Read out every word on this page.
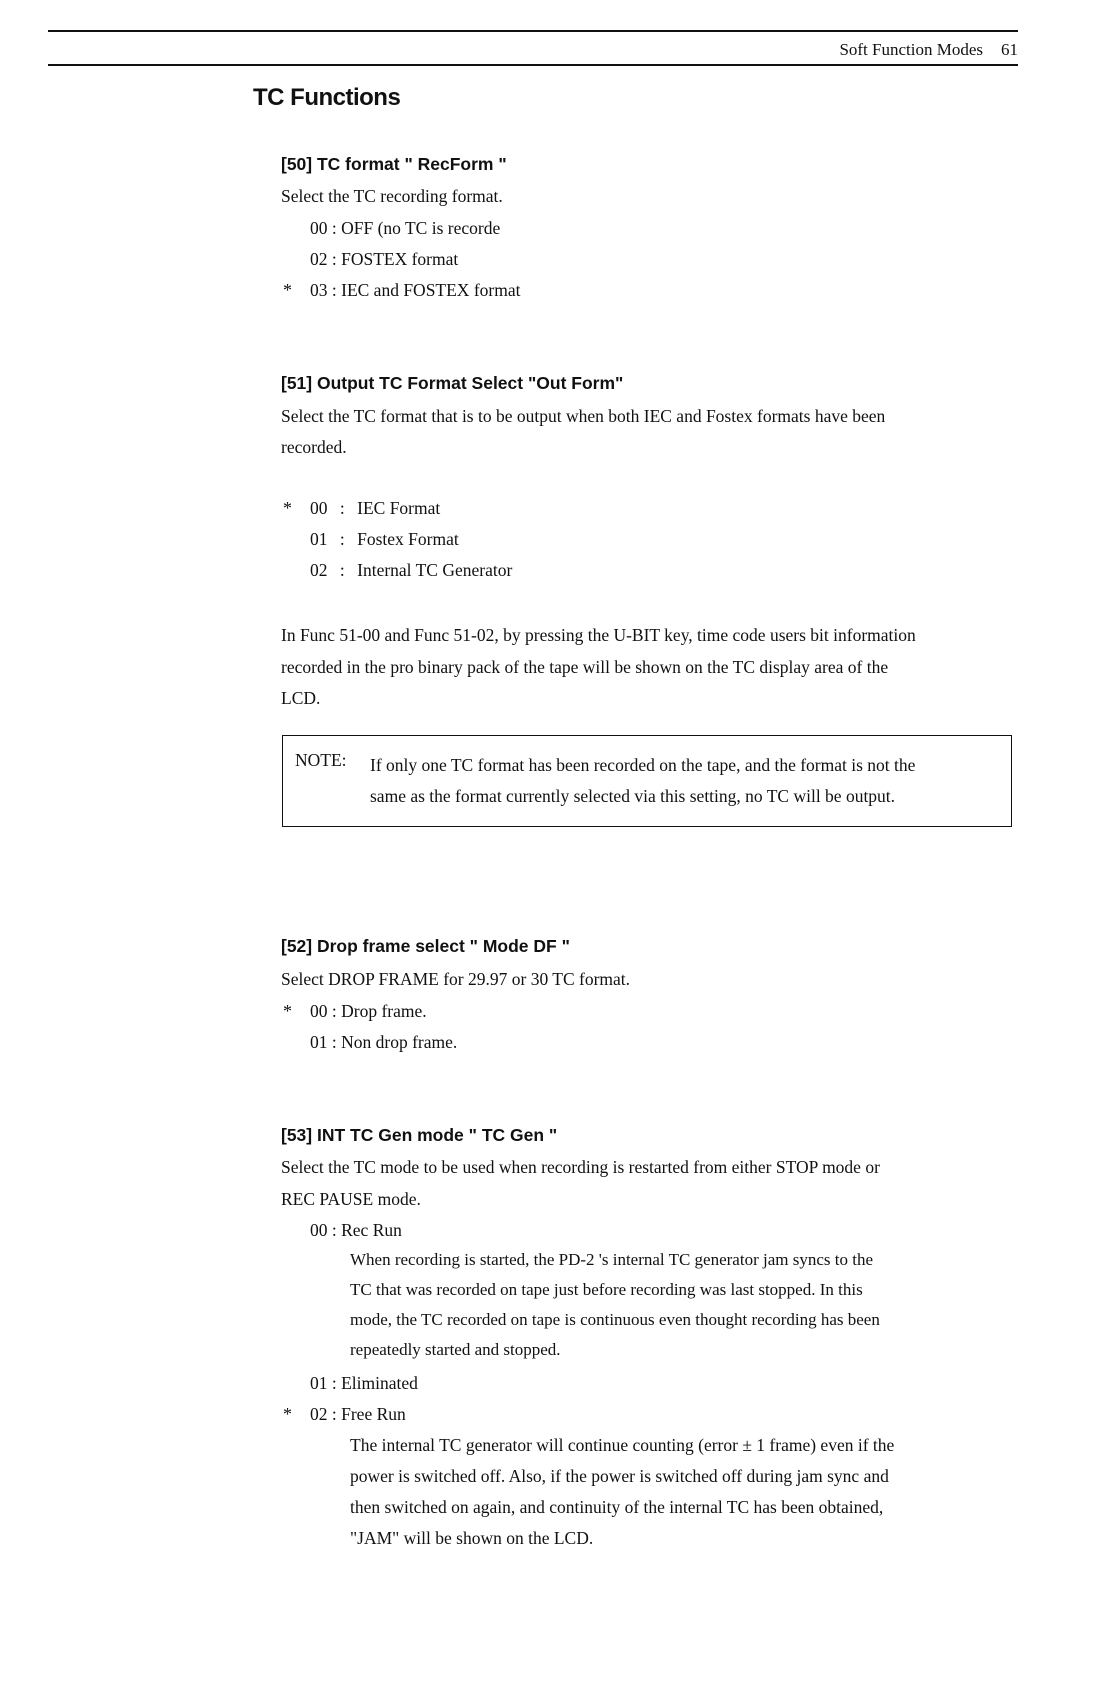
Soft Function Modes 61
TC Functions
[50] TC format " RecForm "
Select the TC recording format.
00 : OFF (no TC is recorde
02 : FOSTEX format
* 03 : IEC and FOSTEX format
[51] Output TC Format Select "Out Form"
Select the TC format that is to be output when both IEC and Fostex formats have been
recorded.
* 00 : IEC Format
01 : Fostex Format
02 : Internal TC Generator
In Func 51-00 and Func 51-02, by pressing the U-BIT key, time code users bit information
recorded in the pro binary pack of the tape will be shown on the TC display area of the
LCD.
NOTE: If only one TC format has been recorded on the tape, and the format is not the
same as the format currently selected via this setting, no TC will be output.
[52] Drop frame select " Mode DF "
Select DROP FRAME for 29.97 or 30 TC format.
* 00 : Drop frame.
01 : Non drop frame.
[53] INT TC Gen mode " TC Gen "
Select the TC mode to be used when recording is restarted from either STOP mode or
REC PAUSE mode.
00 : Rec Run
When recording is started, the PD-2 's internal TC generator jam syncs to the
TC that was recorded on tape just before recording was last stopped. In this
mode, the TC recorded on tape is continuous even thought recording has been
repeatedly started and stopped.
01 : Eliminated
* 02 : Free Run
The internal TC generator will continue counting (error ± 1 frame) even if the
power is switched off. Also, if the power is switched off during jam sync and
then switched on again, and continuity of the internal TC has been obtained,
"JAM" will be shown on the LCD.
